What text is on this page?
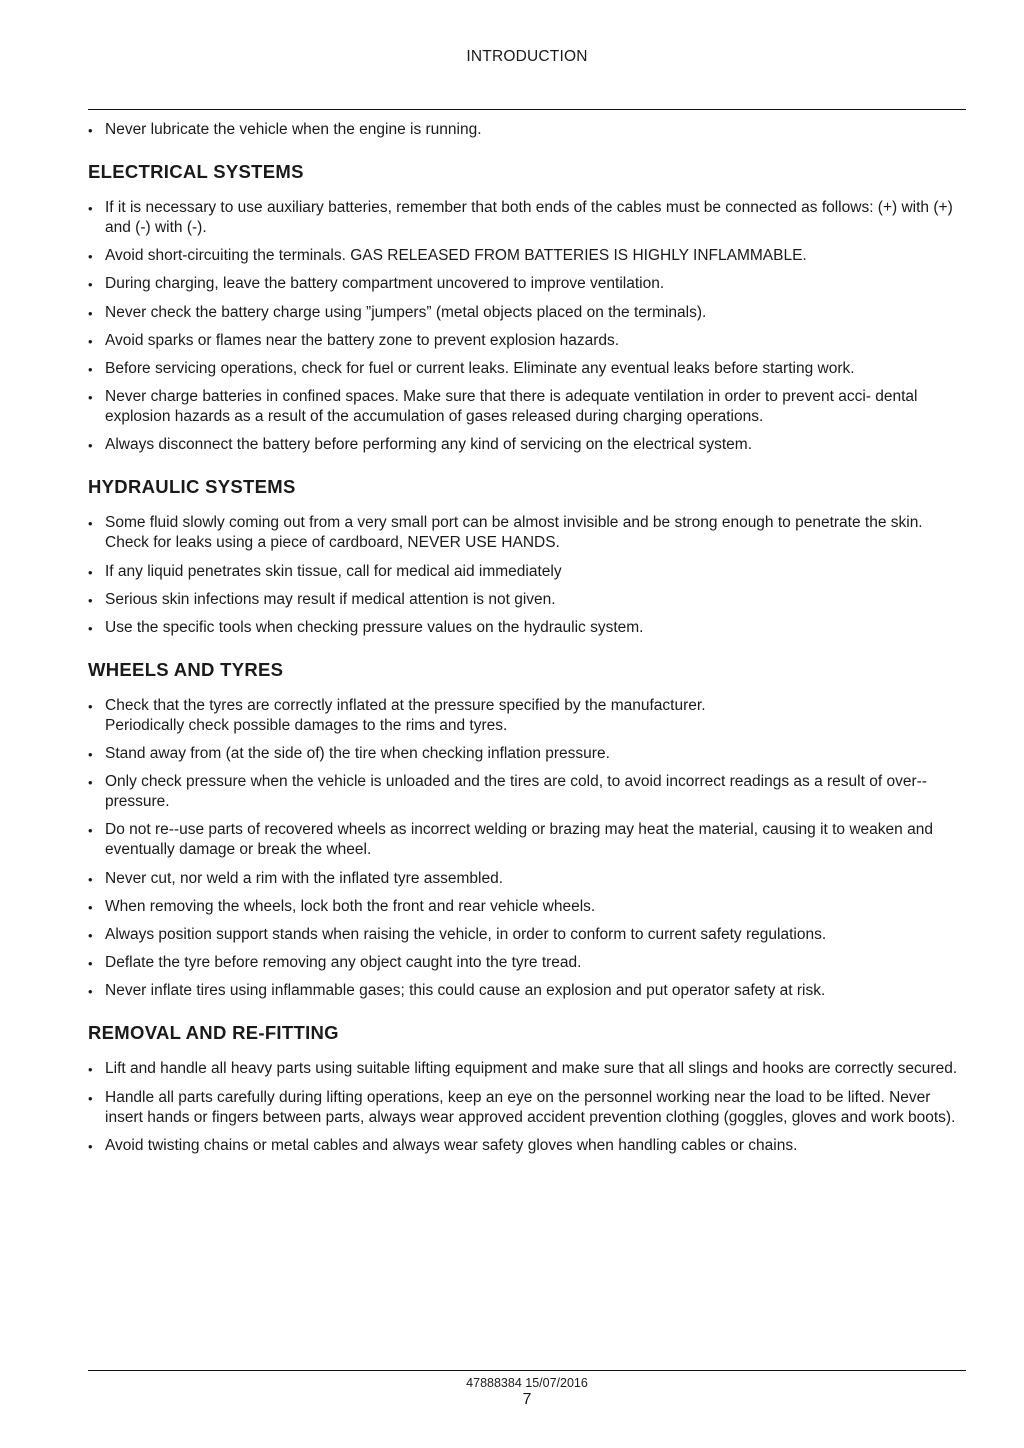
INTRODUCTION
• Never lubricate the vehicle when the engine is running.
ELECTRICAL SYSTEMS
• If it is necessary to use auxiliary batteries, remember that both ends of the cables must be connected as follows: (+) with (+) and (-) with (-).
• Avoid short-circuiting the terminals. GAS RELEASED FROM BATTERIES IS HIGHLY INFLAMMABLE.
• During charging, leave the battery compartment uncovered to improve ventilation.
• Never check the battery charge using ”jumpers” (metal objects placed on the terminals).
• Avoid sparks or flames near the battery zone to prevent explosion hazards.
• Before servicing operations, check for fuel or current leaks. Eliminate any eventual leaks before starting work.
• Never charge batteries in confined spaces. Make sure that there is adequate ventilation in order to prevent acci- dental explosion hazards as a result of the accumulation of gases released during charging operations.
• Always disconnect the battery before performing any kind of servicing on the electrical system.
HYDRAULIC SYSTEMS
• Some fluid slowly coming out from a very small port can be almost invisible and be strong enough to penetrate the skin. Check for leaks using a piece of cardboard, NEVER USE HANDS.
• If any liquid penetrates skin tissue, call for medical aid immediately
• Serious skin infections may result if medical attention is not given.
• Use the specific tools when checking pressure values on the hydraulic system.
WHEELS AND TYRES
• Check that the tyres are correctly inflated at the pressure specified by the manufacturer.
Periodically check possible damages to the rims and tyres.
• Stand away from (at the side of) the tire when checking inflation pressure.
• Only check pressure when the vehicle is unloaded and the tires are cold, to avoid incorrect readings as a result of over--pressure.
• Do not re--use parts of recovered wheels as incorrect welding or brazing may heat the material, causing it to weaken and eventually damage or break the wheel.
• Never cut, nor weld a rim with the inflated tyre assembled.
• When removing the wheels, lock both the front and rear vehicle wheels.
• Always position support stands when raising the vehicle, in order to conform to current safety regulations.
• Deflate the tyre before removing any object caught into the tyre tread.
• Never inflate tires using inflammable gases; this could cause an explosion and put operator safety at risk.
REMOVAL AND RE-FITTING
• Lift and handle all heavy parts using suitable lifting equipment and make sure that all slings and hooks are correctly secured.
• Handle all parts carefully during lifting operations, keep an eye on the personnel working near the load to be lifted. Never insert hands or fingers between parts, always wear approved accident prevention clothing (goggles, gloves and work boots).
• Avoid twisting chains or metal cables and always wear safety gloves when handling cables or chains.
47888384 15/07/2016
7
